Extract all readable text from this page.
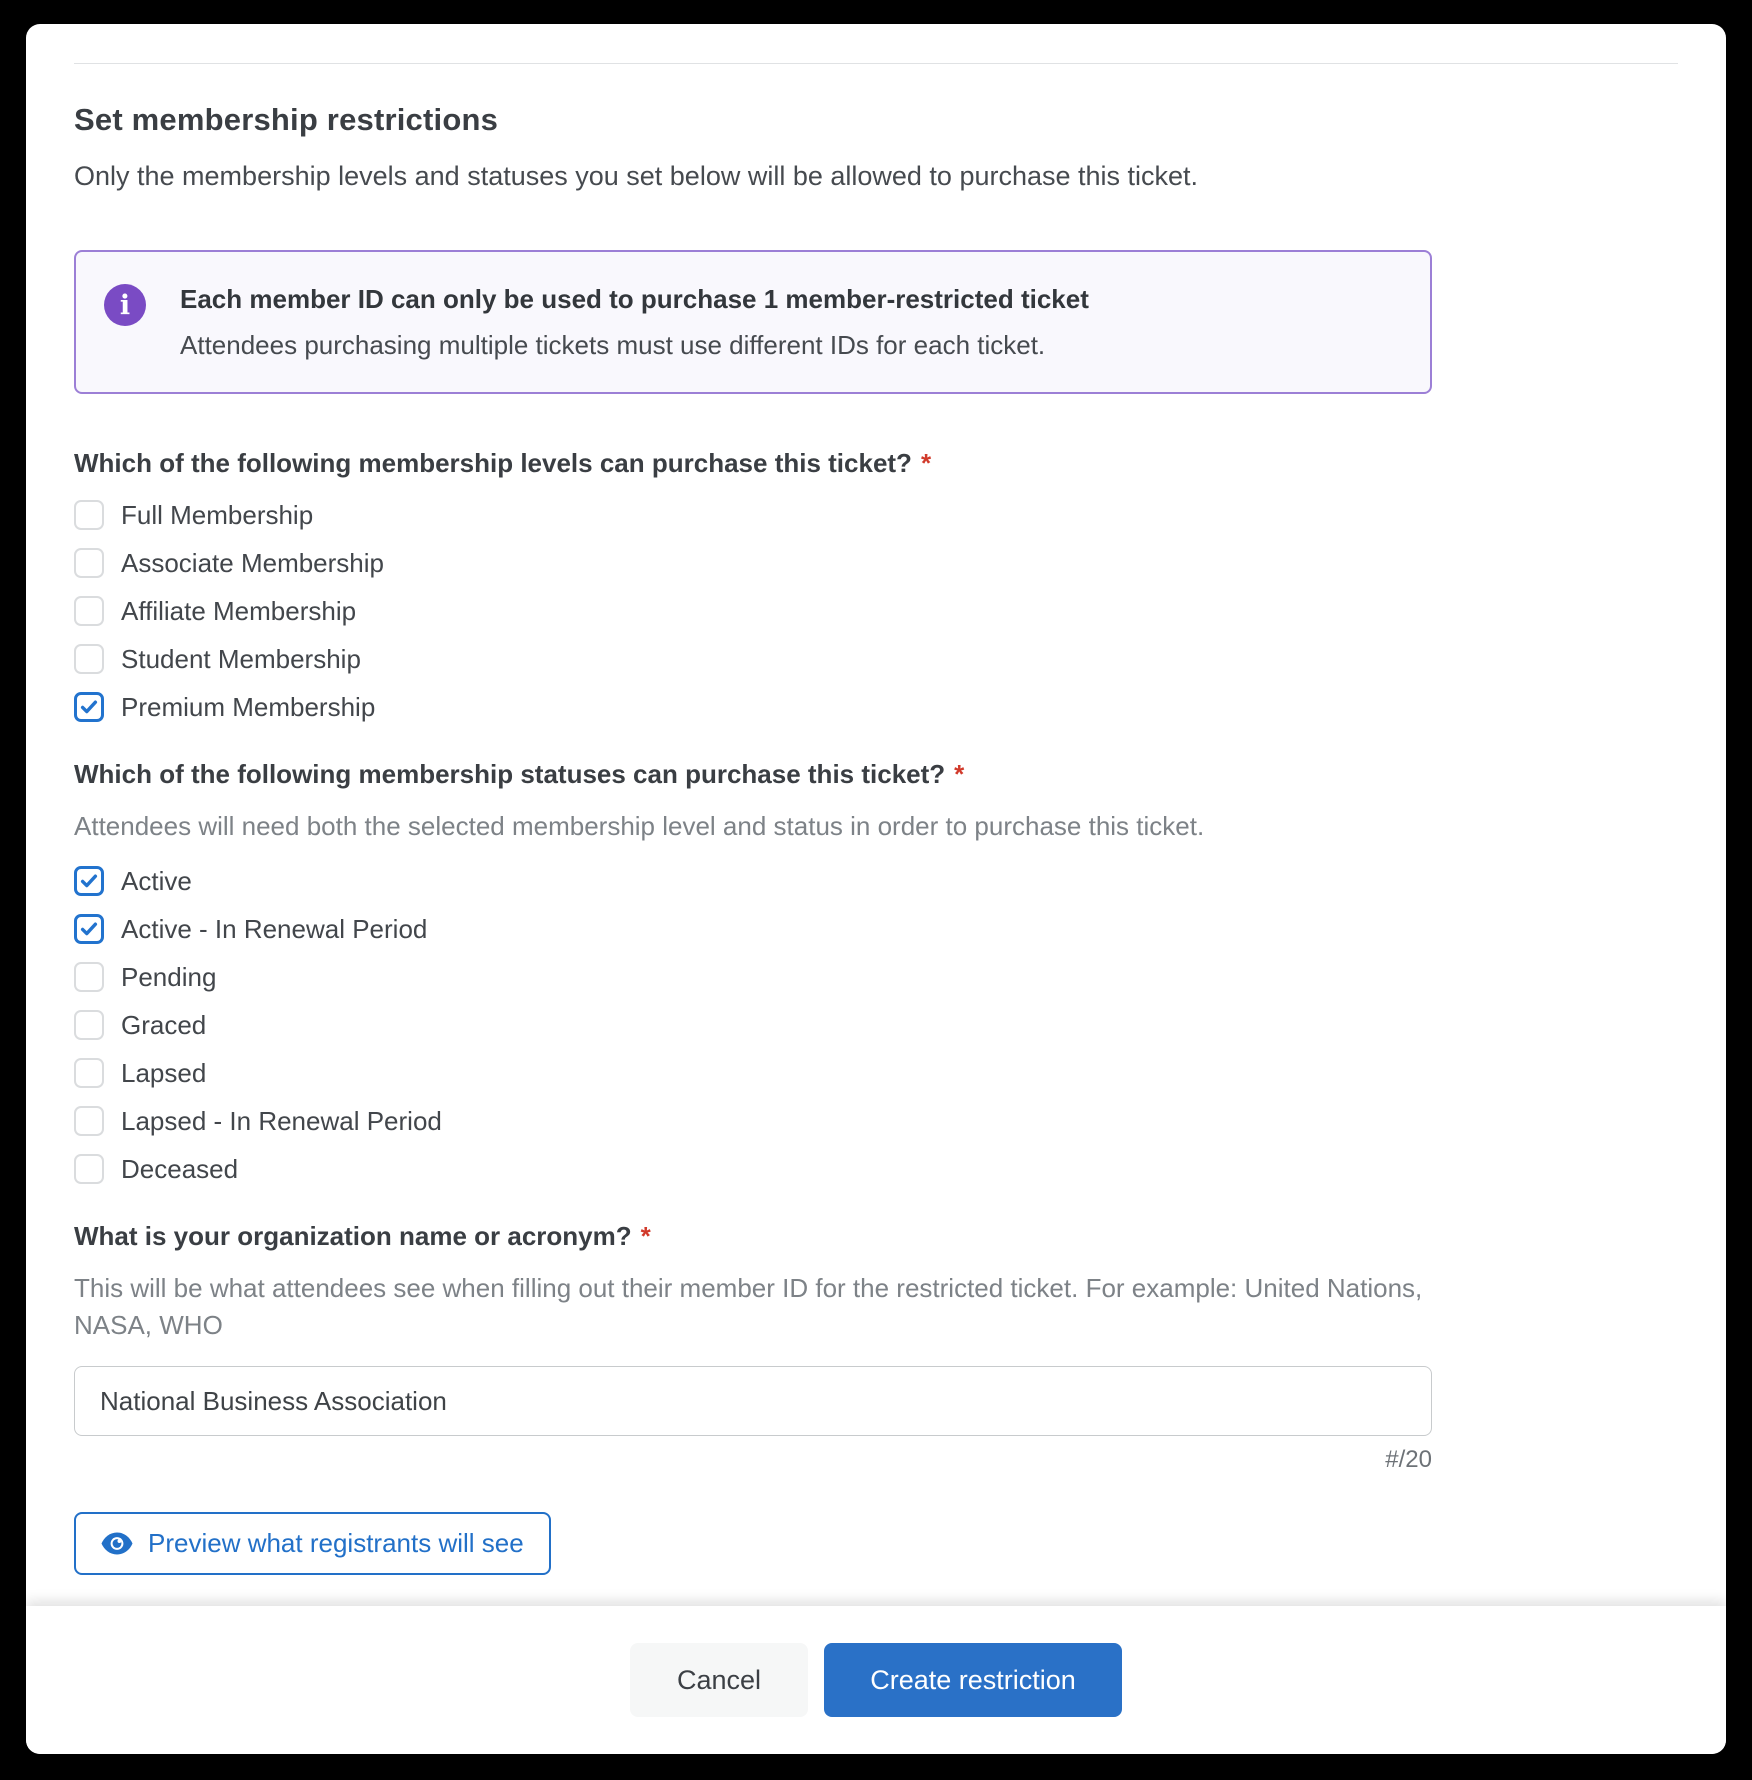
Set membership restrictions
Only the membership levels and statuses you set below will be allowed to purchase this ticket.
i	Each member ID can only be used to purchase 1 member-restricted ticket
Attendees purchasing multiple tickets must use different IDs for each ticket.
Which of the following membership levels can purchase this ticket? *
Full Membership
Associate Membership
Affiliate Membership
Student Membership
Premium Membership
Which of the following membership statuses can purchase this ticket? *
Attendees will need both the selected membership level and status in order to purchase this ticket.
Active
Active - In Renewal Period
Pending
Graced
Lapsed
Lapsed - In Renewal Period
Deceased
What is your organization name or acronym? *
This will be what attendees see when filling out their member ID for the restricted ticket. For example: United Nations, NASA, WHO
National Business Association
#/20
Preview what registrants will see
Cancel	Create restriction
